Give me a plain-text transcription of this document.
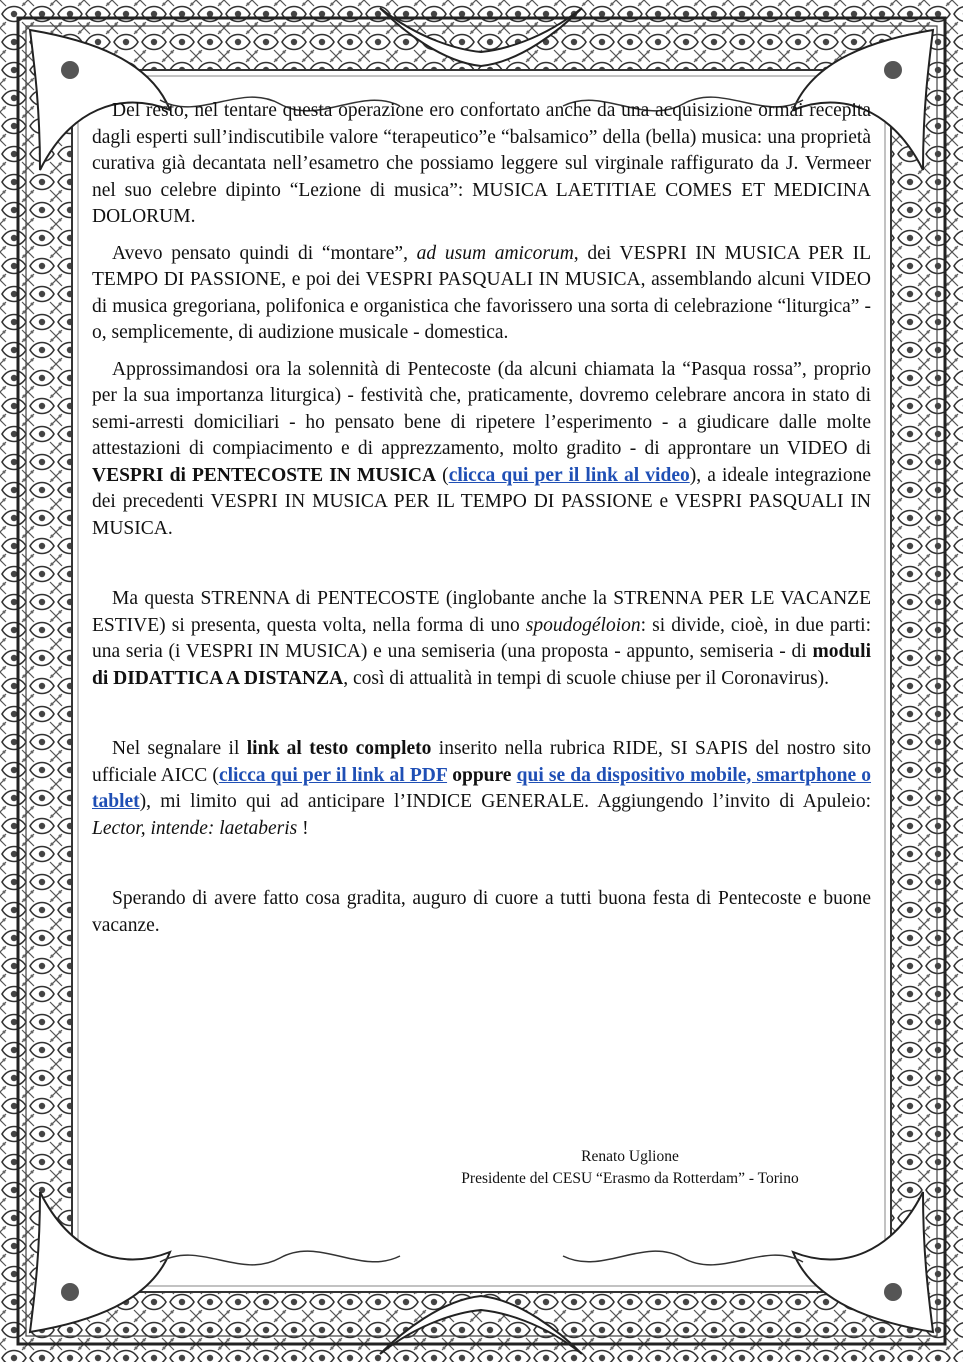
Del resto, nel tentare questa operazione ero confortato anche da una acquisizione ormai recepita dagli esperti sull’indiscutibile valore “terapeutico”e “balsamico” della (bella) musica: una proprietà curativa già decantata nell’esametro che possiamo leggere sul virginale raffigurato da J. Vermeer nel suo celebre dipinto “Lezione di musica”: MUSICA LAETITIAE COMES ET MEDICINA DOLORUM.

Avevo pensato quindi di “montare”, ad usum amicorum, dei VESPRI IN MUSICA PER IL TEMPO DI PASSIONE, e poi dei VESPRI PASQUALI IN MUSICA, assemblando alcuni VIDEO di musica gregoriana, polifonica e organistica che favorissero una sorta di celebrazione “liturgica” - o, semplicemente, di audizione musicale - domestica.

Approssimandosi ora la solennità di Pentecoste (da alcuni chiamata la “Pasqua rossa”, proprio per la sua importanza liturgica) - festività che, praticamente, dovremo celebrare ancora in stato di semi-arresti domiciliari - ho pensato bene di ripetere l’esperimento - a giudicare dalle molte attestazioni di compiacimento e di apprezzamento, molto gradito - di approntare un VIDEO di VESPRI di PENTECOSTE IN MUSICA (clicca qui per il link al video), a ideale integrazione dei precedenti VESPRI IN MUSICA PER IL TEMPO DI PASSIONE e VESPRI PASQUALI IN MUSICA.

Ma questa STRENNA di PENTECOSTE (inglobante anche la STRENNA PER LE VACANZE ESTIVE) si presenta, questa volta, nella forma di uno spoudogéloion: si divide, cioè, in due parti: una seria (i VESPRI IN MUSICA) e una semiseria (una proposta - appunto, semiseria - di moduli di DIDATTICA A DISTANZA, così di attualità in tempi di scuole chiuse per il Coronavirus).

Nel segnalare il link al testo completo inserito nella rubrica RIDE, SI SAPIS del nostro sito ufficiale AICC (clicca qui per il link al PDF oppure qui se da dispositivo mobile, smartphone o tablet), mi limito qui ad anticipare l’INDICE GENERALE. Aggiungendo l’invito di Apuleio: Lector, intende: laetaberis !

Sperando di avere fatto cosa gradita, auguro di cuore a tutti buona festa di Pentecoste e buone vacanze.

Renato Uglione
Presidente del CESU “Erasmo da Rotterdam” - Torino
